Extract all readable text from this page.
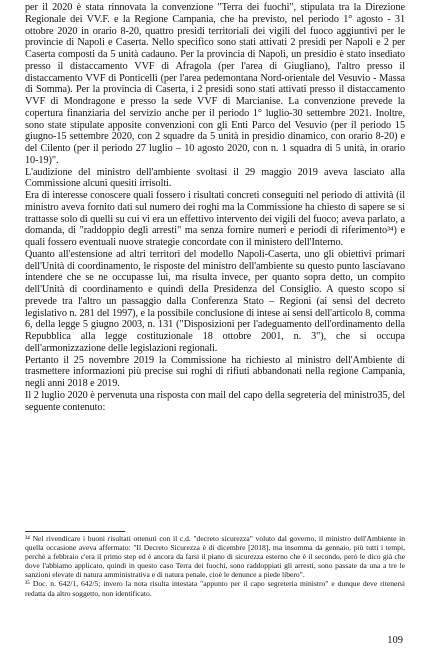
per il 2020 è stata rinnovata la convenzione "Terra dei fuochi", stipulata tra la Direzione Regionale dei VV.F. e la Regione Campania, che ha previsto, nel periodo 1° agosto - 31 ottobre 2020 in orario 8-20, quattro presidi territoriali dei vigili del fuoco aggiuntivi per le provincie di Napoli e Caserta. Nello specifico sono stati attivati 2 presidi per Napoli e 2 per Caserta composti da 5 unità cadauno. Per la provincia di Napoli, un presidio è stato insediato presso il distaccamento VVF di Afragola (per l'area di Giugliano), l'altro presso il distaccamento VVF di Ponticelli (per l'area pedemontana Nord-orientale del Vesuvio - Massa di Somma). Per la provincia di Caserta, i 2 presidi sono stati attivati presso il distaccamento VVF di Mondragone e presso la sede VVF di Marcianise. La convenzione prevede la copertura finanziaria del servizio anche per il periodo 1° luglio-30 settembre 2021. Inoltre, sono state stipulate apposite convenzioni con gli Enti Parco del Vesuvio (per il periodo 15 giugno-15 settembre 2020, con 2 squadre da 5 unità in presidio dinamico, con orario 8-20) e del Cilento (per il periodo 27 luglio – 10 agosto 2020, con n. 1 squadra di 5 unità, in orario 10-19)".

L'audizione del ministro dell'ambiente svoltasi il 29 maggio 2019 aveva lasciato alla Commissione alcuni quesiti irrisolti.

Era di interesse conoscere quali fossero i risultati concreti conseguiti nel periodo di attività (il ministro aveva fornito dati sul numero dei roghi ma la Commissione ha chiesto di sapere se si trattasse solo di quelli su cui vi era un effettivo intervento dei vigili del fuoco; aveva parlato, a domanda, di "raddoppio degli arresti" ma senza fornire numeri e periodi di riferimento³⁴) e quali fossero eventuali nuove strategie concordate con il ministero dell'Interno.

Quanto all'estensione ad altri territori del modello Napoli-Caserta, uno gli obiettivi primari dell'Unità di coordinamento, le risposte del ministro dell'ambiente su questo punto lasciavano intendere che se ne occupasse lui, ma risulta invece, per quanto sopra detto, un compito dell'Unità di coordinamento e quindi della Presidenza del Consiglio. A questo scopo si prevede tra l'altro un passaggio dalla Conferenza Stato – Regioni (ai sensi del decreto legislativo n. 281 del 1997), e la possibile conclusione di intese ai sensi dell'articolo 8, comma 6, della legge 5 giugno 2003, n. 131 ("Disposizioni per l'adeguamento dell'ordinamento della Repubblica alla legge costituzionale 18 ottobre 2001, n. 3"), che si occupa dell'armonizzazione delle legislazioni regionali.

Pertanto il 25 novembre 2019 la Commissione ha richiesto al ministro dell'Ambiente di trasmettere informazioni più precise sui roghi di rifiuti abbandonati nella regione Campania, negli anni 2018 e 2019.

Il 2 luglio 2020 è pervenuta una risposta con mail del capo della segreteria del ministro35, del seguente contenuto:

³⁴ Nel rivendicare i buoni risultati ottenuti con il c.d. "decreto sicurezza" voluto dal governo, il ministro dell'Ambiente in quella occasione aveva affermato: "Il Decreto Sicurezza è di dicembre [2018], ma insomma da gennaio, più tutti i tempi, perché a febbraio c'era il primo step ed è ancora da farsi il piano di sicurezza esterno che è il secondo, però le dico già che dove l'abbiamo applicato, quindi in questo caso Terra dei fuochi, sono raddoppiati gli arresti, sono passate da una a tre le sanzioni elevate di natura amministrativa e di natura penale, cioè le denunce a piede libero".

³⁵ Doc. n. 642/1, 642/5; invero la nota risulta intestata "appunto per il capo segreteria ministro" e dunque deve ritenersi redatta da altro soggetto, non identificato.

109
